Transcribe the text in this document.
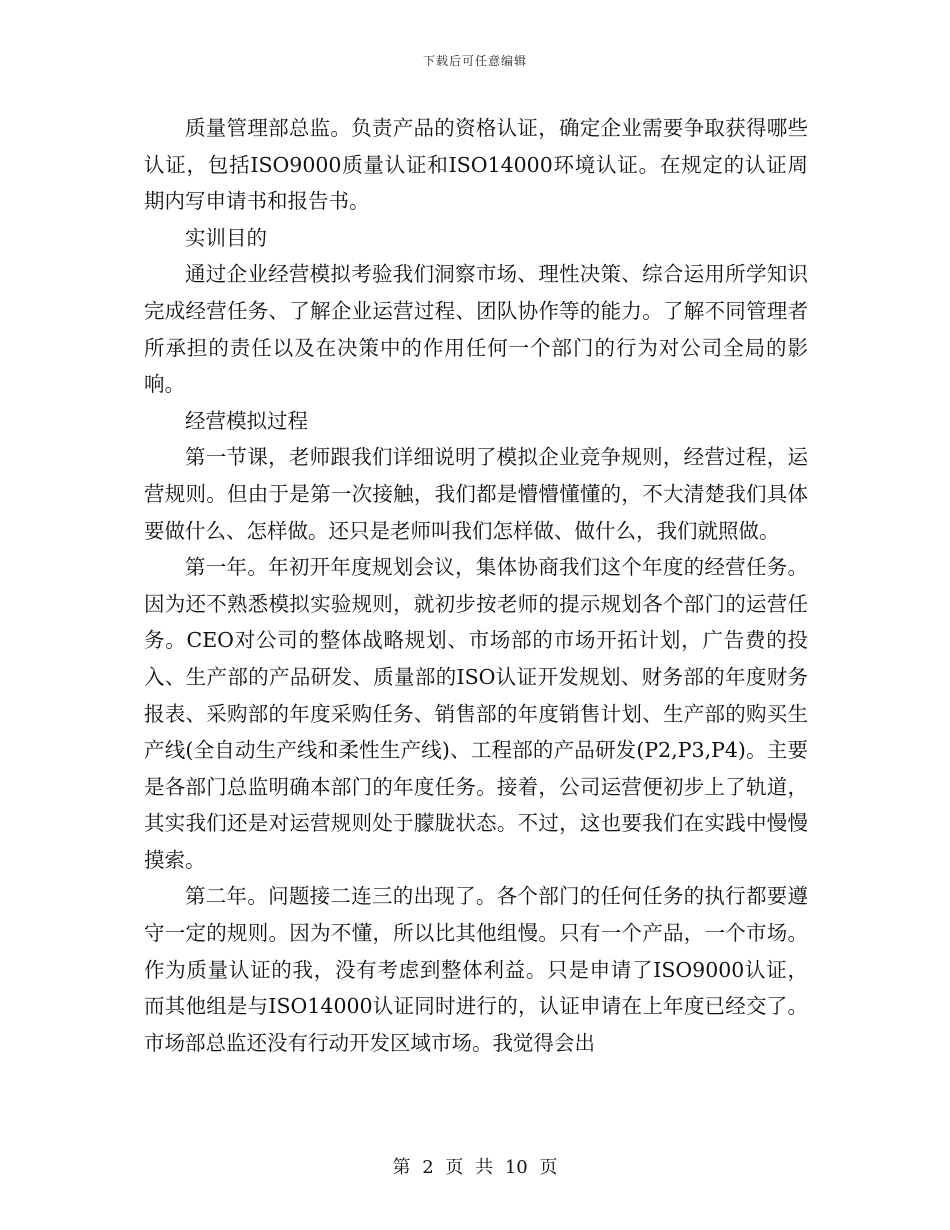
下载后可任意编辑

质量管理部总监。负责产品的资格认证，确定企业需要争取获得哪些认证，包括ISO9000质量认证和ISO14000环境认证。在规定的认证周期内写申请书和报告书。

实训目的

通过企业经营模拟考验我们洞察市场、理性决策、综合运用所学知识完成经营任务、了解企业运营过程、团队协作等的能力。了解不同管理者所承担的责任以及在决策中的作用任何一个部门的行为对公司全局的影响。

经营模拟过程

第一节课，老师跟我们详细说明了模拟企业竞争规则，经营过程，运营规则。但由于是第一次接触，我们都是懵懵懂懂的，不大清楚我们具体要做什么、怎样做。还只是老师叫我们怎样做、做什么，我们就照做。

第一年。年初开年度规划会议，集体协商我们这个年度的经营任务。因为还不熟悉模拟实验规则，就初步按老师的提示规划各个部门的运营任务。CEO对公司的整体战略规划、市场部的市场开拓计划，广告费的投入、生产部的产品研发、质量部的ISO认证开发规划、财务部的年度财务报表、采购部的年度采购任务、销售部的年度销售计划、生产部的购买生产线(全自动生产线和柔性生产线)、工程部的产品研发(P2,P3,P4)。主要是各部门总监明确本部门的年度任务。接着，公司运营便初步上了轨道，其实我们还是对运营规则处于朦胧状态。不过，这也要我们在实践中慢慢摸索。

第二年。问题接二连三的出现了。各个部门的任何任务的执行都要遵守一定的规则。因为不懂，所以比其他组慢。只有一个产品，一个市场。作为质量认证的我，没有考虑到整体利益。只是申请了ISO9000认证，而其他组是与ISO14000认证同时进行的，认证申请在上年度已经交了。市场部总监还没有行动开发区域市场。我觉得会出

第 2 页 共 10 页
